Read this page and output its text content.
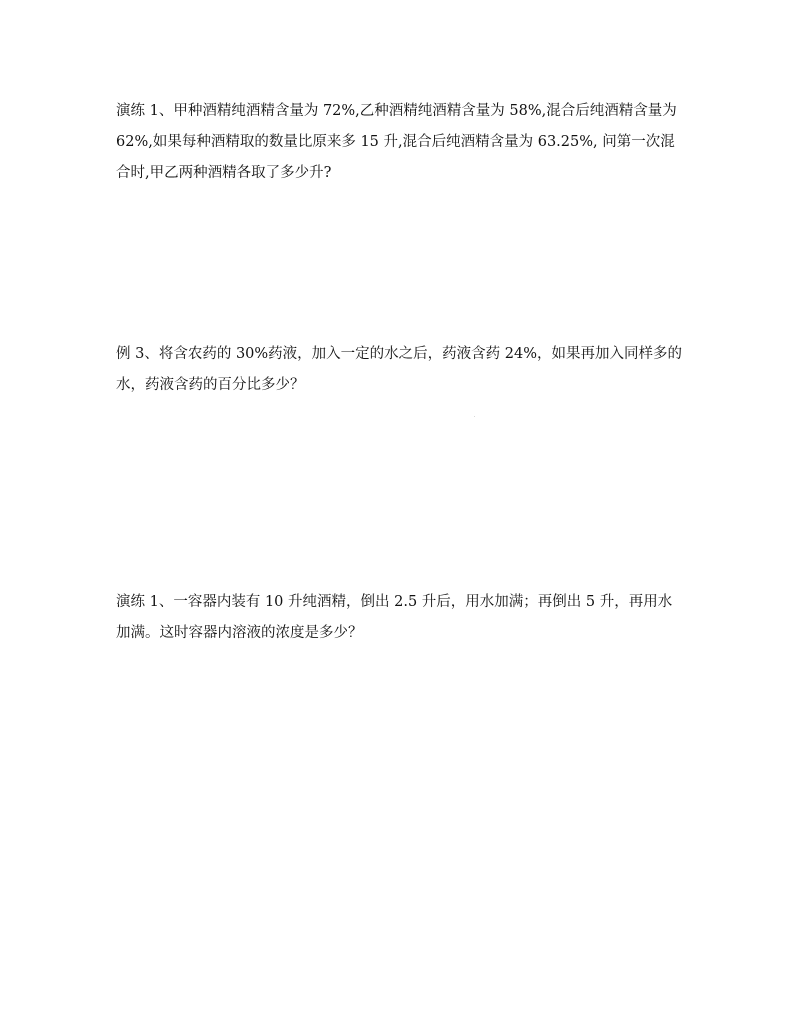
演练 1、甲种酒精纯酒精含量为 72%,乙种酒精纯酒精含量为 58%,混合后纯酒精含量为 62%,如果每种酒精取的数量比原来多 15 升,混合后纯酒精含量为 63.25%, 问第一次混合时,甲乙两种酒精各取了多少升?

例 3、将含农药的 30%药液，加入一定的水之后，药液含药 24%，如果再加入同样多的水，药液含药的百分比多少？

演练 1、一容器内装有 10 升纯酒精，倒出 2.5 升后，用水加满；再倒出 5 升，再用水加满。这时容器内溶液的浓度是多少？
